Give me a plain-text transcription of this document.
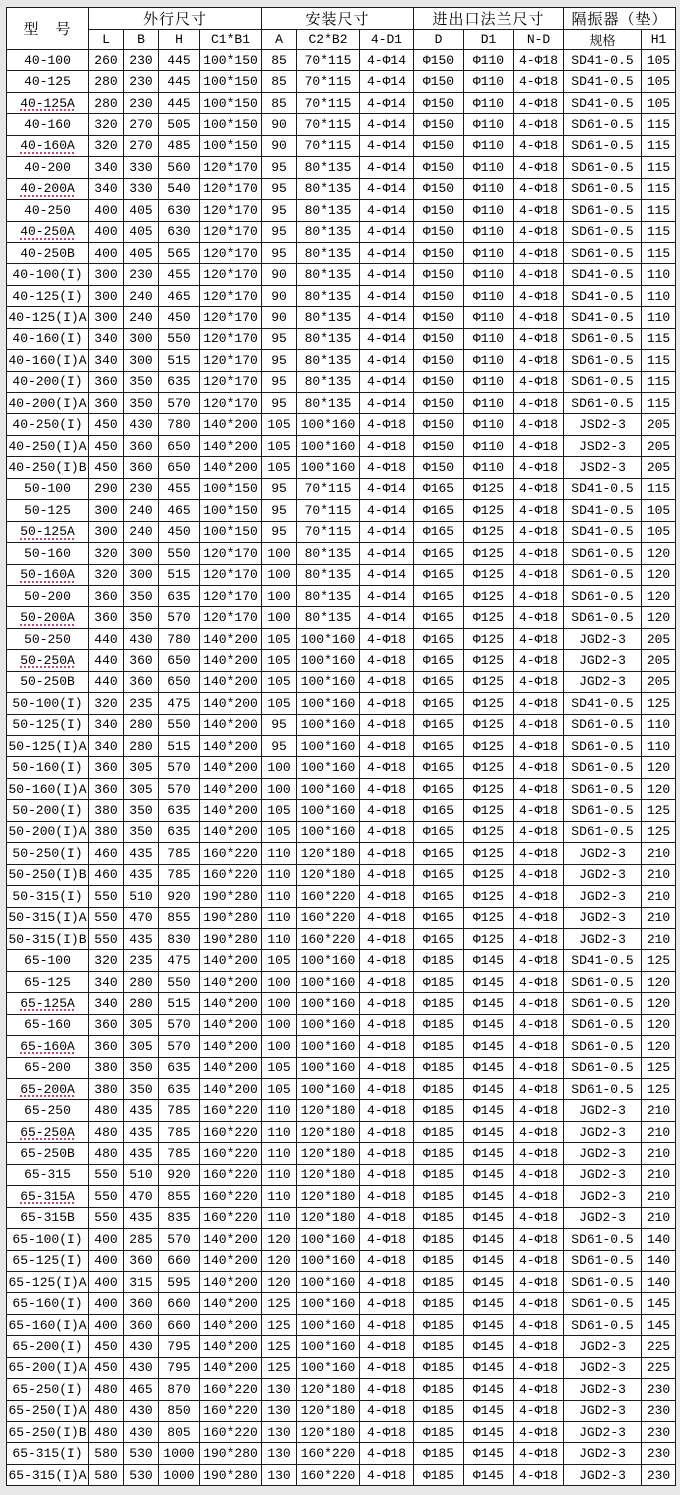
型　号	外行尺寸				安装尺寸			进出口法兰尺寸			隔振器（垫）	
	L	B	H	C1*B1	A	C2*B2	4-D1	D	D1	N-D	规格	H1
40-100	260	230	445	100*150	85	70*115	4-Φ14	Φ150	Φ110	4-Φ18	SD41-0.5	105
40-125	280	230	445	100*150	85	70*115	4-Φ14	Φ150	Φ110	4-Φ18	SD41-0.5	105
40-125A	280	230	445	100*150	85	70*115	4-Φ14	Φ150	Φ110	4-Φ18	SD41-0.5	105
40-160	320	270	505	100*150	90	70*115	4-Φ14	Φ150	Φ110	4-Φ18	SD61-0.5	115
40-160A	320	270	485	100*150	90	70*115	4-Φ14	Φ150	Φ110	4-Φ18	SD61-0.5	115
40-200	340	330	560	120*170	95	80*135	4-Φ14	Φ150	Φ110	4-Φ18	SD61-0.5	115
40-200A	340	330	540	120*170	95	80*135	4-Φ14	Φ150	Φ110	4-Φ18	SD61-0.5	115
40-250	400	405	630	120*170	95	80*135	4-Φ14	Φ150	Φ110	4-Φ18	SD61-0.5	115
40-250A	400	405	630	120*170	95	80*135	4-Φ14	Φ150	Φ110	4-Φ18	SD61-0.5	115
40-250B	400	405	565	120*170	95	80*135	4-Φ14	Φ150	Φ110	4-Φ18	SD61-0.5	115
40-100(I)	300	230	455	120*170	90	80*135	4-Φ14	Φ150	Φ110	4-Φ18	SD41-0.5	110
40-125(I)	300	240	465	120*170	90	80*135	4-Φ14	Φ150	Φ110	4-Φ18	SD41-0.5	110
40-125(I)A	300	240	450	120*170	90	80*135	4-Φ14	Φ150	Φ110	4-Φ18	SD41-0.5	110
40-160(I)	340	300	550	120*170	95	80*135	4-Φ14	Φ150	Φ110	4-Φ18	SD61-0.5	115
40-160(I)A	340	300	515	120*170	95	80*135	4-Φ14	Φ150	Φ110	4-Φ18	SD61-0.5	115
40-200(I)	360	350	635	120*170	95	80*135	4-Φ14	Φ150	Φ110	4-Φ18	SD61-0.5	115
40-200(I)A	360	350	570	120*170	95	80*135	4-Φ14	Φ150	Φ110	4-Φ18	SD61-0.5	115
40-250(I)	450	430	780	140*200	105	100*160	4-Φ18	Φ150	Φ110	4-Φ18	JSD2-3	205
40-250(I)A	450	360	650	140*200	105	100*160	4-Φ18	Φ150	Φ110	4-Φ18	JSD2-3	205
40-250(I)B	450	360	650	140*200	105	100*160	4-Φ18	Φ150	Φ110	4-Φ18	JSD2-3	205
50-100	290	230	455	100*150	95	70*115	4-Φ14	Φ165	Φ125	4-Φ18	SD41-0.5	115
50-125	300	240	465	100*150	95	70*115	4-Φ14	Φ165	Φ125	4-Φ18	SD41-0.5	105
50-125A	300	240	450	100*150	95	70*115	4-Φ14	Φ165	Φ125	4-Φ18	SD41-0.5	105
50-160	320	300	550	120*170	100	80*135	4-Φ14	Φ165	Φ125	4-Φ18	SD61-0.5	120
50-160A	320	300	515	120*170	100	80*135	4-Φ14	Φ165	Φ125	4-Φ18	SD61-0.5	120
50-200	360	350	635	120*170	100	80*135	4-Φ14	Φ165	Φ125	4-Φ18	SD61-0.5	120
50-200A	360	350	570	120*170	100	80*135	4-Φ14	Φ165	Φ125	4-Φ18	SD61-0.5	120
50-250	440	430	780	140*200	105	100*160	4-Φ18	Φ165	Φ125	4-Φ18	JGD2-3	205
50-250A	440	360	650	140*200	105	100*160	4-Φ18	Φ165	Φ125	4-Φ18	JGD2-3	205
50-250B	440	360	650	140*200	105	100*160	4-Φ18	Φ165	Φ125	4-Φ18	JGD2-3	205
50-100(I)	320	235	475	140*200	105	100*160	4-Φ18	Φ165	Φ125	4-Φ18	SD41-0.5	125
50-125(I)	340	280	550	140*200	95	100*160	4-Φ18	Φ165	Φ125	4-Φ18	SD61-0.5	110
50-125(I)A	340	280	515	140*200	95	100*160	4-Φ18	Φ165	Φ125	4-Φ18	SD61-0.5	110
50-160(I)	360	305	570	140*200	100	100*160	4-Φ18	Φ165	Φ125	4-Φ18	SD61-0.5	120
50-160(I)A	360	305	570	140*200	100	100*160	4-Φ18	Φ165	Φ125	4-Φ18	SD61-0.5	120
50-200(I)	380	350	635	140*200	105	100*160	4-Φ18	Φ165	Φ125	4-Φ18	SD61-0.5	125
50-200(I)A	380	350	635	140*200	105	100*160	4-Φ18	Φ165	Φ125	4-Φ18	SD61-0.5	125
50-250(I)	460	435	785	160*220	110	120*180	4-Φ18	Φ165	Φ125	4-Φ18	JGD2-3	210
50-250(I)B	460	435	785	160*220	110	120*180	4-Φ18	Φ165	Φ125	4-Φ18	JGD2-3	210
50-315(I)	550	510	920	190*280	110	160*220	4-Φ18	Φ165	Φ125	4-Φ18	JGD2-3	210
50-315(I)A	550	470	855	190*280	110	160*220	4-Φ18	Φ165	Φ125	4-Φ18	JGD2-3	210
50-315(I)B	550	435	830	190*280	110	160*220	4-Φ18	Φ165	Φ125	4-Φ18	JGD2-3	210
65-100	320	235	475	140*200	105	100*160	4-Φ18	Φ185	Φ145	4-Φ18	SD41-0.5	125
65-125	340	280	550	140*200	100	100*160	4-Φ18	Φ185	Φ145	4-Φ18	SD61-0.5	120
65-125A	340	280	515	140*200	100	100*160	4-Φ18	Φ185	Φ145	4-Φ18	SD61-0.5	120
65-160	360	305	570	140*200	100	100*160	4-Φ18	Φ185	Φ145	4-Φ18	SD61-0.5	120
65-160A	360	305	570	140*200	100	100*160	4-Φ18	Φ185	Φ145	4-Φ18	SD61-0.5	120
65-200	380	350	635	140*200	105	100*160	4-Φ18	Φ185	Φ145	4-Φ18	SD61-0.5	125
65-200A	380	350	635	140*200	105	100*160	4-Φ18	Φ185	Φ145	4-Φ18	SD61-0.5	125
65-250	480	435	785	160*220	110	120*180	4-Φ18	Φ185	Φ145	4-Φ18	JGD2-3	210
65-250A	480	435	785	160*220	110	120*180	4-Φ18	Φ185	Φ145	4-Φ18	JGD2-3	210
65-250B	480	435	785	160*220	110	120*180	4-Φ18	Φ185	Φ145	4-Φ18	JGD2-3	210
65-315	550	510	920	160*220	110	120*180	4-Φ18	Φ185	Φ145	4-Φ18	JGD2-3	210
65-315A	550	470	855	160*220	110	120*180	4-Φ18	Φ185	Φ145	4-Φ18	JGD2-3	210
65-315B	550	435	835	160*220	110	120*180	4-Φ18	Φ185	Φ145	4-Φ18	JGD2-3	210
65-100(I)	400	285	570	140*200	120	100*160	4-Φ18	Φ185	Φ145	4-Φ18	SD61-0.5	140
65-125(I)	400	360	660	140*200	120	100*160	4-Φ18	Φ185	Φ145	4-Φ18	SD61-0.5	140
65-125(I)A	400	315	595	140*200	120	100*160	4-Φ18	Φ185	Φ145	4-Φ18	SD61-0.5	140
65-160(I)	400	360	660	140*200	125	100*160	4-Φ18	Φ185	Φ145	4-Φ18	SD61-0.5	145
65-160(I)A	400	360	660	140*200	125	100*160	4-Φ18	Φ185	Φ145	4-Φ18	SD61-0.5	145
65-200(I)	450	430	795	140*200	125	100*160	4-Φ18	Φ185	Φ145	4-Φ18	JGD2-3	225
65-200(I)A	450	430	795	140*200	125	100*160	4-Φ18	Φ185	Φ145	4-Φ18	JGD2-3	225
65-250(I)	480	465	870	160*220	130	120*180	4-Φ18	Φ185	Φ145	4-Φ18	JGD2-3	230
65-250(I)A	480	430	850	160*220	130	120*180	4-Φ18	Φ185	Φ145	4-Φ18	JGD2-3	230
65-250(I)B	480	430	805	160*220	130	120*180	4-Φ18	Φ185	Φ145	4-Φ18	JGD2-3	230
65-315(I)	580	530	1000	190*280	130	160*220	4-Φ18	Φ185	Φ145	4-Φ18	JGD2-3	230
65-315(I)A	580	530	1000	190*280	130	160*220	4-Φ18	Φ185	Φ145	4-Φ18	JGD2-3	230
